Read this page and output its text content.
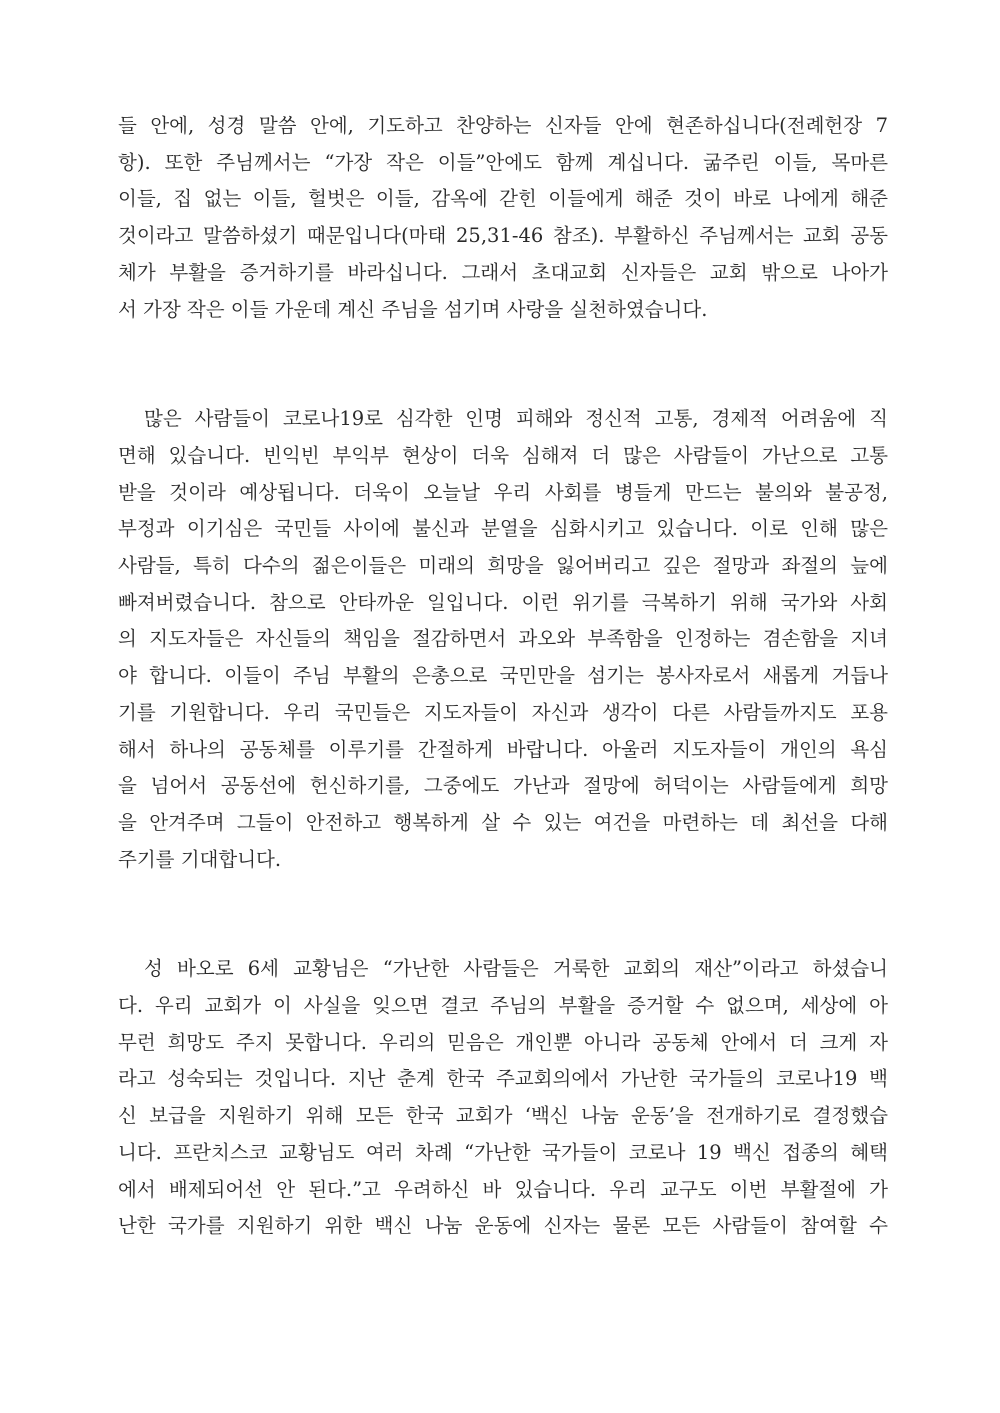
들 안에, 성경 말씀 안에, 기도하고 찬양하는 신자들 안에 현존하십니다(전례헌장 7
항). 또한 주님께서는 “가장 작은 이들”안에도 함께 계십니다. 굶주린 이들, 목마른
이들, 집 없는 이들, 헐벗은 이들, 감옥에 갇힌 이들에게 해준 것이 바로 나에게 해준
것이라고 말씀하셨기 때문입니다(마태 25,31-46 참조). 부활하신 주님께서는 교회 공동
체가 부활을 증거하기를 바라십니다. 그래서 초대교회 신자들은 교회 밖으로 나아가
서 가장 작은 이들 가운데 계신 주님을 섬기며 사랑을 실천하였습니다.

많은 사람들이 코로나19로 심각한 인명 피해와 정신적 고통, 경제적 어려움에 직
면해 있습니다. 빈익빈 부익부 현상이 더욱 심해져 더 많은 사람들이 가난으로 고통
받을 것이라 예상됩니다. 더욱이 오늘날 우리 사회를 병들게 만드는 불의와 불공정,
부정과 이기심은 국민들 사이에 불신과 분열을 심화시키고 있습니다. 이로 인해 많은
사람들, 특히 다수의 젊은이들은 미래의 희망을 잃어버리고 깊은 절망과 좌절의 늪에
빠져버렸습니다. 참으로 안타까운 일입니다. 이런 위기를 극복하기 위해 국가와 사회
의 지도자들은 자신들의 책임을 절감하면서 과오와 부족함을 인정하는 겸손함을 지녀
야 합니다. 이들이 주님 부활의 은총으로 국민만을 섬기는 봉사자로서 새롭게 거듭나
기를 기원합니다. 우리 국민들은 지도자들이 자신과 생각이 다른 사람들까지도 포용
해서 하나의 공동체를 이루기를 간절하게 바랍니다. 아울러 지도자들이 개인의 욕심
을 넘어서 공동선에 헌신하기를, 그중에도 가난과 절망에 허덕이는 사람들에게 희망
을 안겨주며 그들이 안전하고 행복하게 살 수 있는 여건을 마련하는 데 최선을 다해
주기를 기대합니다.

성 바오로 6세 교황님은 “가난한 사람들은 거룩한 교회의 재산”이라고 하셨습니
다. 우리 교회가 이 사실을 잊으면 결코 주님의 부활을 증거할 수 없으며, 세상에 아
무런 희망도 주지 못합니다. 우리의 믿음은 개인뿐 아니라 공동체 안에서 더 크게 자
라고 성숙되는 것입니다. 지난 춘계 한국 주교회의에서 가난한 국가들의 코로나19 백
신 보급을 지원하기 위해 모든 한국 교회가 ‘백신 나눔 운동’을 전개하기로 결정했습
니다. 프란치스코 교황님도 여러 차례 “가난한 국가들이 코로나 19 백신 접종의 혜택
에서 배제되어선 안 된다.”고 우려하신 바 있습니다. 우리 교구도 이번 부활절에 가
난한 국가를 지원하기 위한 백신 나눔 운동에 신자는 물론 모든 사람들이 참여할 수
